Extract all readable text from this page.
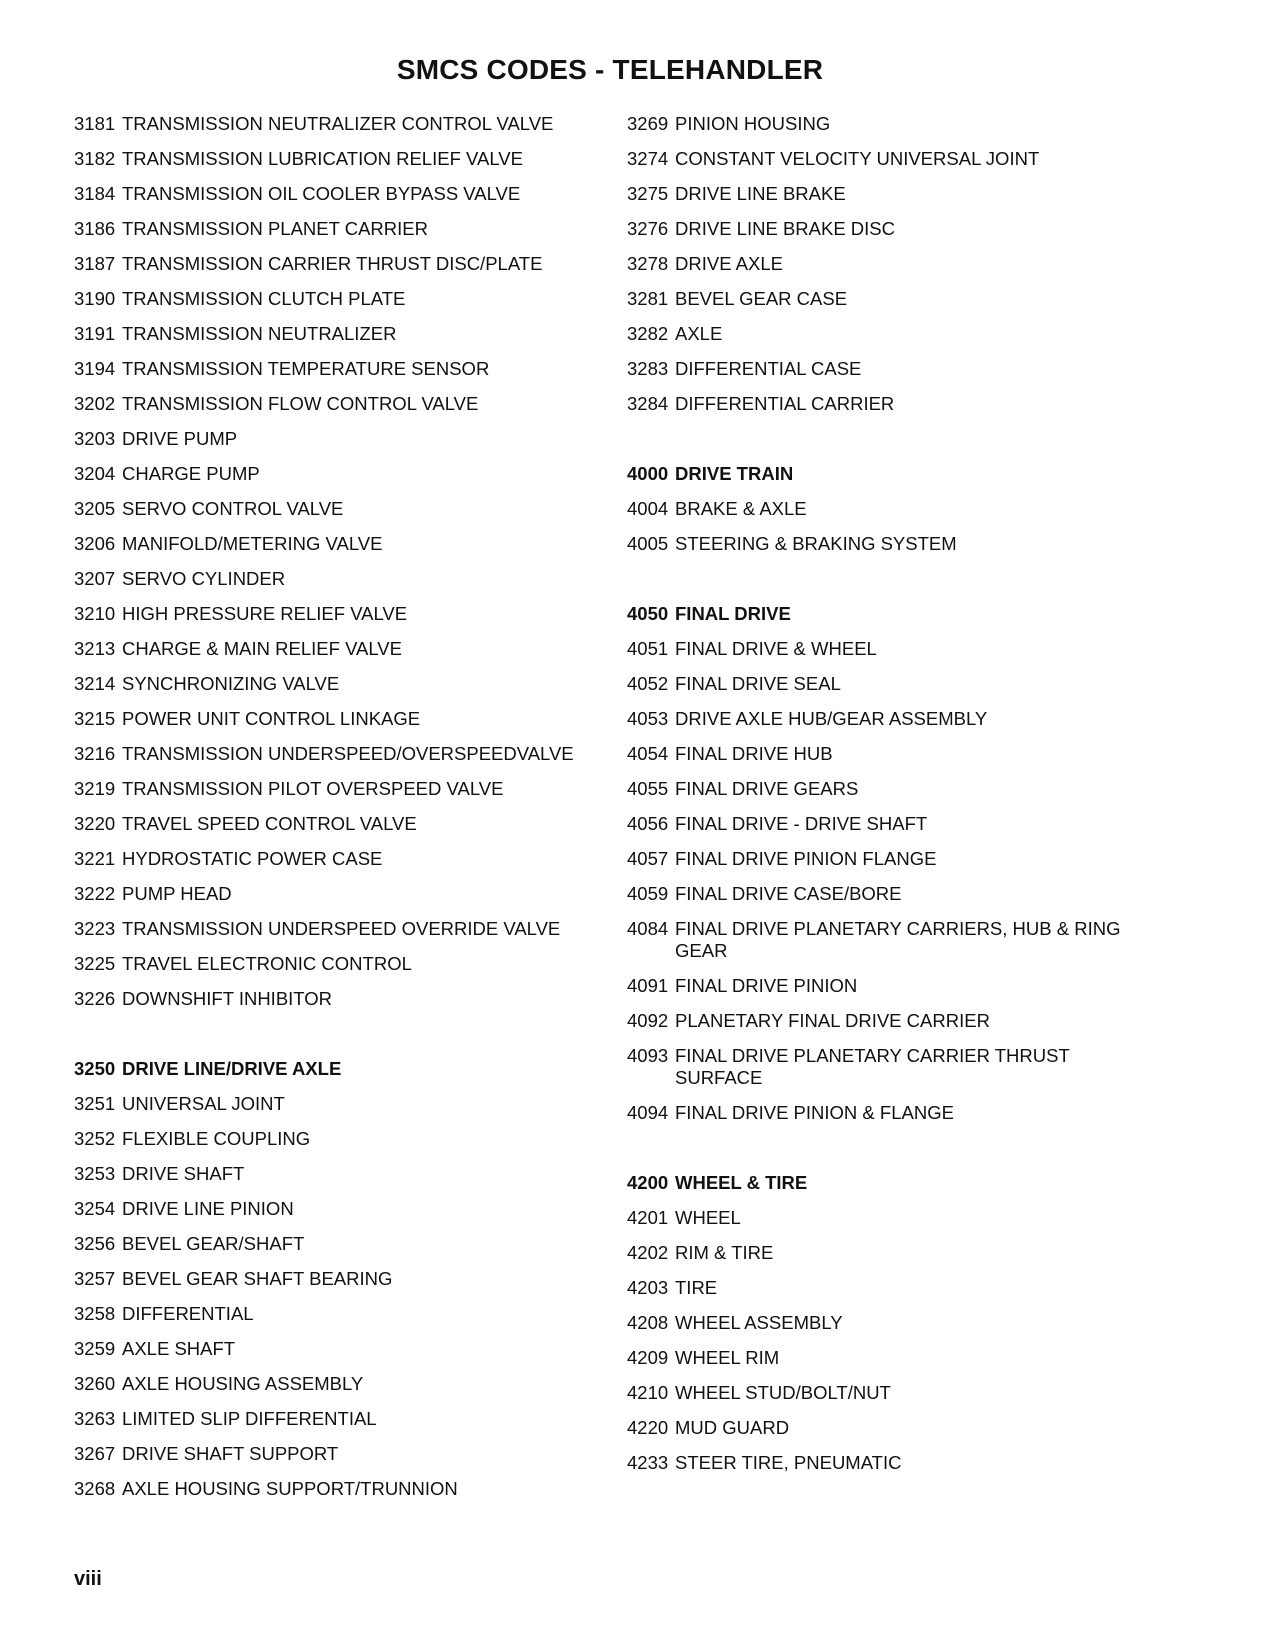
SMCS CODES - TELEHANDLER
3181 TRANSMISSION NEUTRALIZER CONTROL VALVE
3182 TRANSMISSION LUBRICATION RELIEF VALVE
3184 TRANSMISSION OIL COOLER BYPASS VALVE
3186 TRANSMISSION PLANET CARRIER
3187 TRANSMISSION CARRIER THRUST DISC/PLATE
3190 TRANSMISSION CLUTCH PLATE
3191 TRANSMISSION NEUTRALIZER
3194 TRANSMISSION TEMPERATURE SENSOR
3202 TRANSMISSION FLOW CONTROL VALVE
3203 DRIVE PUMP
3204 CHARGE PUMP
3205 SERVO CONTROL VALVE
3206 MANIFOLD/METERING VALVE
3207 SERVO CYLINDER
3210 HIGH PRESSURE RELIEF VALVE
3213 CHARGE & MAIN RELIEF VALVE
3214 SYNCHRONIZING VALVE
3215 POWER UNIT CONTROL LINKAGE
3216 TRANSMISSION UNDERSPEED/OVERSPEEDVALVE
3219 TRANSMISSION PILOT OVERSPEED VALVE
3220 TRAVEL SPEED CONTROL VALVE
3221 HYDROSTATIC POWER CASE
3222 PUMP HEAD
3223 TRANSMISSION UNDERSPEED OVERRIDE VALVE
3225 TRAVEL ELECTRONIC CONTROL
3226 DOWNSHIFT INHIBITOR
3250 DRIVE LINE/DRIVE AXLE
3251 UNIVERSAL JOINT
3252 FLEXIBLE COUPLING
3253 DRIVE SHAFT
3254 DRIVE LINE PINION
3256 BEVEL GEAR/SHAFT
3257 BEVEL GEAR SHAFT BEARING
3258 DIFFERENTIAL
3259 AXLE SHAFT
3260 AXLE HOUSING ASSEMBLY
3263 LIMITED SLIP DIFFERENTIAL
3267 DRIVE SHAFT SUPPORT
3268 AXLE HOUSING SUPPORT/TRUNNION
3269 PINION HOUSING
3274 CONSTANT VELOCITY UNIVERSAL JOINT
3275 DRIVE LINE BRAKE
3276 DRIVE LINE BRAKE DISC
3278 DRIVE AXLE
3281 BEVEL GEAR CASE
3282 AXLE
3283 DIFFERENTIAL CASE
3284 DIFFERENTIAL CARRIER
4000 DRIVE TRAIN
4004 BRAKE & AXLE
4005 STEERING & BRAKING SYSTEM
4050 FINAL DRIVE
4051 FINAL DRIVE & WHEEL
4052 FINAL DRIVE SEAL
4053 DRIVE AXLE HUB/GEAR ASSEMBLY
4054 FINAL DRIVE HUB
4055 FINAL DRIVE GEARS
4056 FINAL DRIVE - DRIVE SHAFT
4057 FINAL DRIVE PINION FLANGE
4059 FINAL DRIVE CASE/BORE
4084 FINAL DRIVE PLANETARY CARRIERS, HUB & RING GEAR
4091 FINAL DRIVE PINION
4092 PLANETARY FINAL DRIVE CARRIER
4093 FINAL DRIVE PLANETARY CARRIER THRUST SURFACE
4094 FINAL DRIVE PINION & FLANGE
4200 WHEEL & TIRE
4201 WHEEL
4202 RIM & TIRE
4203 TIRE
4208 WHEEL ASSEMBLY
4209 WHEEL RIM
4210 WHEEL STUD/BOLT/NUT
4220 MUD GUARD
4233 STEER TIRE, PNEUMATIC
viii
